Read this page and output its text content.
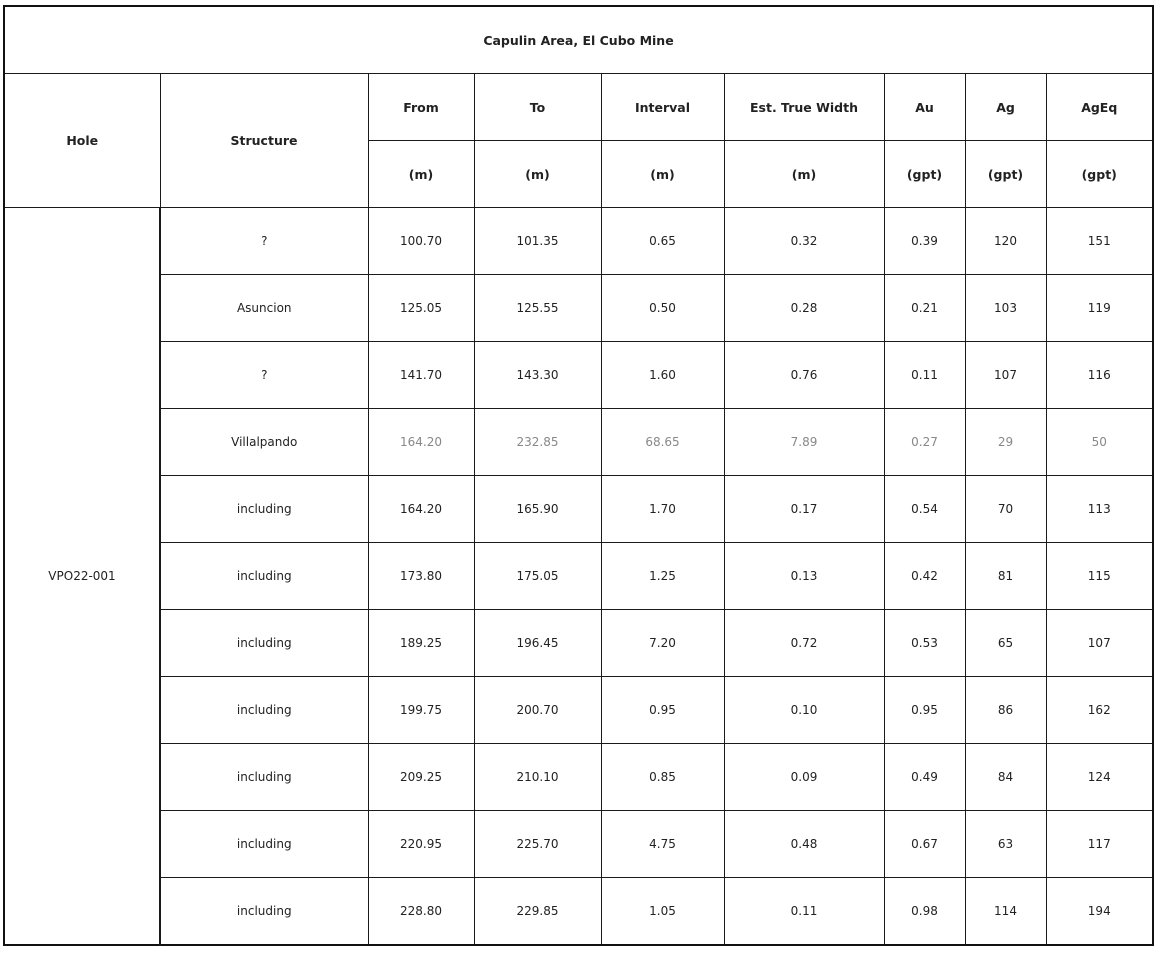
Capulin Area, El Cubo Mine								
Hole	Structure	From	To	Interval	Est. True Width	Au	Ag	AgEq
		(m)	(m)	(m)	(m)	(gpt)	(gpt)	(gpt)
VPO22-001	?	100.70	101.35	0.65	0.32	0.39	120	151
	Asuncion	125.05	125.55	0.50	0.28	0.21	103	119
	?	141.70	143.30	1.60	0.76	0.11	107	116
	Villalpando	164.20	232.85	68.65	7.89	0.27	29	50
	including	164.20	165.90	1.70	0.17	0.54	70	113
	including	173.80	175.05	1.25	0.13	0.42	81	115
	including	189.25	196.45	7.20	0.72	0.53	65	107
	including	199.75	200.70	0.95	0.10	0.95	86	162
	including	209.25	210.10	0.85	0.09	0.49	84	124
	including	220.95	225.70	4.75	0.48	0.67	63	117
	including	228.80	229.85	1.05	0.11	0.98	114	194
